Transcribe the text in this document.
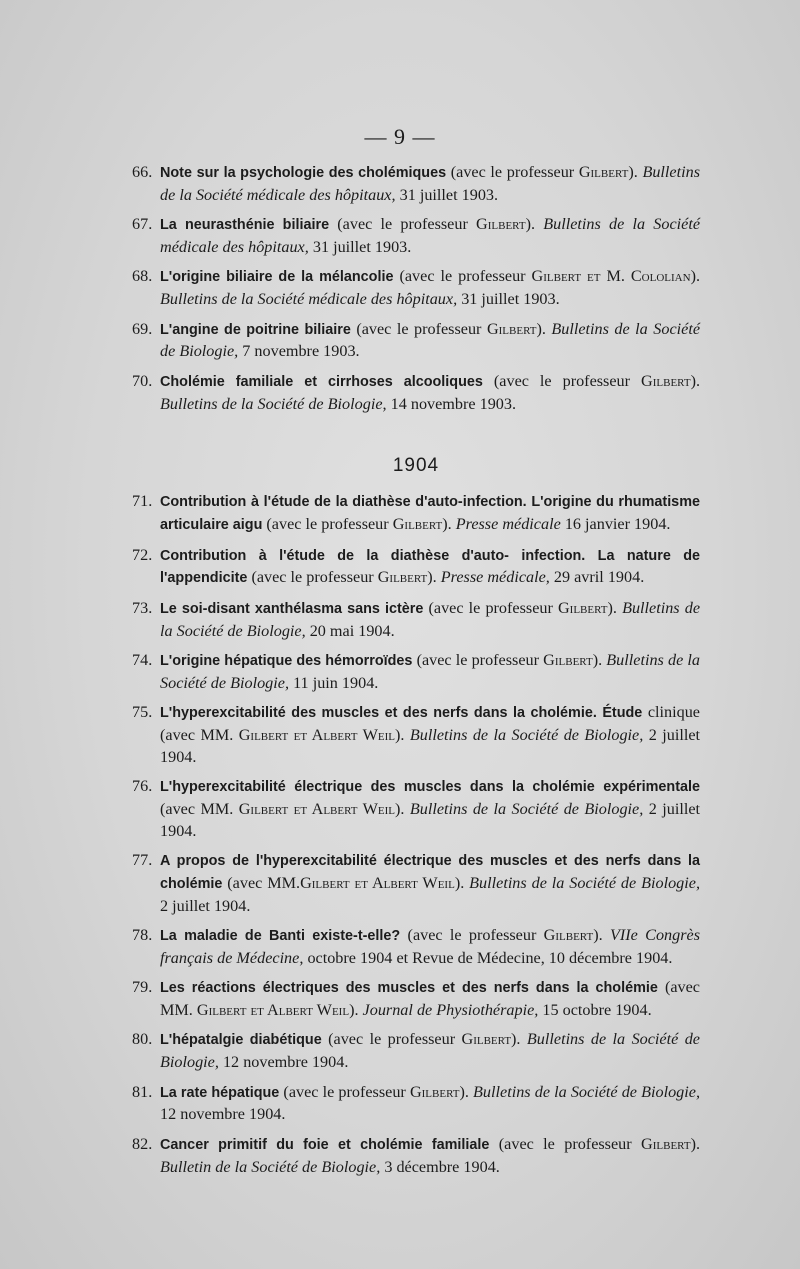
— 9 —
66. Note sur la psychologie des cholémiques (avec le professeur Gilbert). Bulletins de la Société médicale des hôpitaux, 31 juillet 1903.
67. La neurasthénie biliaire (avec le professeur Gilbert). Bulletins de la Société médicale des hôpitaux, 31 juillet 1903.
68. L'origine biliaire de la mélancolie (avec le professeur Gilbert et M. Cololian). Bulletins de la Société médicale des hôpitaux, 31 juillet 1903.
69. L'angine de poitrine biliaire (avec le professeur Gilbert). Bulletins de la Société de Biologie, 7 novembre 1903.
70. Cholémie familiale et cirrhoses alcooliques (avec le professeur Gilbert). Bulletins de la Société de Biologie, 14 novembre 1903.
1904
71. Contribution à l'étude de la diathèse d'auto-infection. L'origine du rhumatisme articulaire aigu (avec le professeur Gilbert). Presse médicale 16 janvier 1904.
72. Contribution à l'étude de la diathèse d'auto- infection. La nature de l'appendicite (avec le professeur Gilbert). Presse médicale, 29 avril 1904.
73. Le soi-disant xanthélasma sans ictère (avec le professeur Gilbert). Bulletins de la Société de Biologie, 20 mai 1904.
74. L'origine hépatique des hémorroïdes (avec le professeur Gilbert). Bulletins de la Société de Biologie, 11 juin 1904.
75. L'hyperexcitabilité des muscles et des nerfs dans la cholémie. Étude clinique (avec MM. Gilbert et Albert Weil). Bulletins de la Société de Biologie, 2 juillet 1904.
76. L'hyperexcitabilité électrique des muscles dans la cholémie expérimentale (avec MM. Gilbert et Albert Weil). Bulletins de la Société de Biologie, 2 juillet 1904.
77. A propos de l'hyperexcitabilité électrique des muscles et des nerfs dans la cholémie (avec MM.Gilbert et Albert Weil). Bulletins de la Société de Biologie, 2 juillet 1904.
78. La maladie de Banti existe-t-elle? (avec le professeur Gilbert). VIIe Congrès français de Médecine, octobre 1904 et Revue de Médecine, 10 décembre 1904.
79. Les réactions électriques des muscles et des nerfs dans la cholémie (avec MM. Gilbert et Albert Weil). Journal de Physiothérapie, 15 octobre 1904.
80. L'hépatalgie diabétique (avec le professeur Gilbert). Bulletins de la Société de Biologie, 12 novembre 1904.
81. La rate hépatique (avec le professeur Gilbert). Bulletins de la Société de Biologie, 12 novembre 1904.
82. Cancer primitif du foie et cholémie familiale (avec le professeur Gilbert). Bulletin de la Société de Biologie, 3 décembre 1904.
